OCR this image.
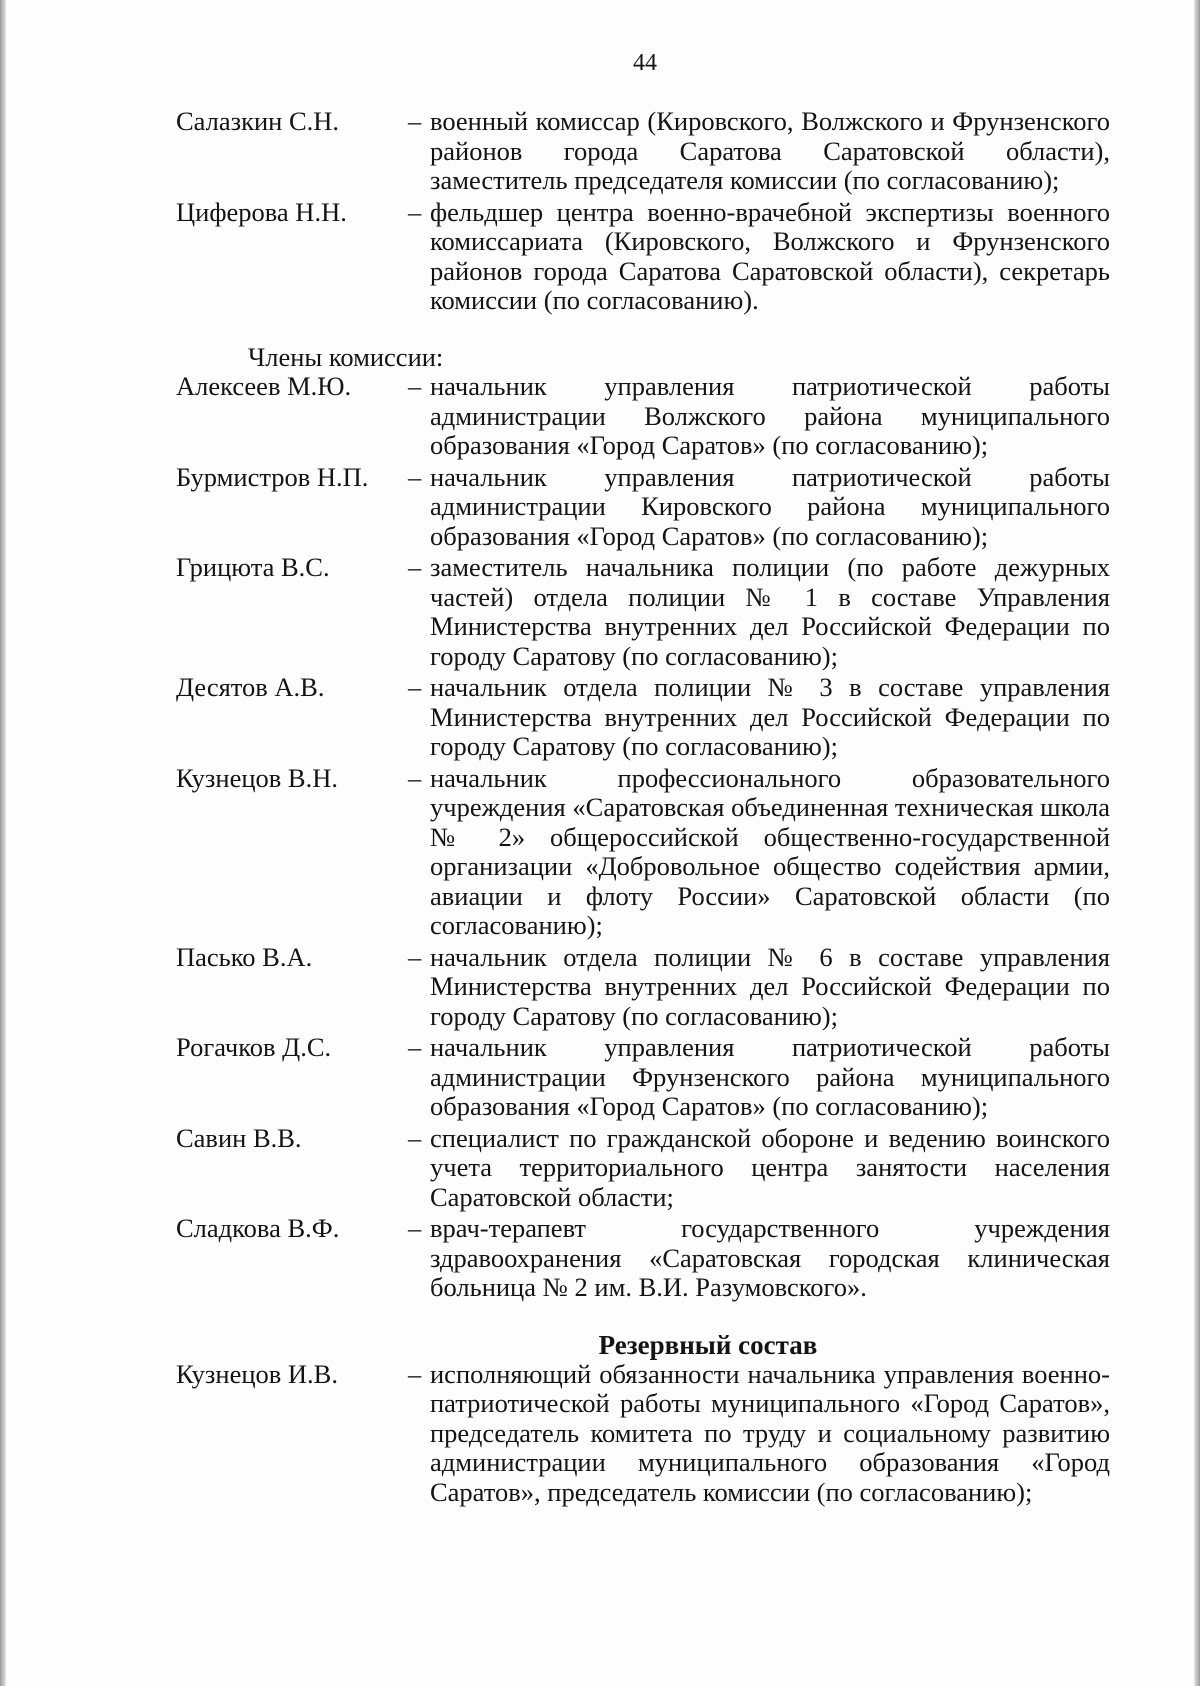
44
Салазкин С.Н.	– военный комиссар (Кировского, Волжского и Фрунзенского районов города Саратова Саратовской области), заместитель председателя комиссии (по согласованию);
Циферова Н.Н.	– фельдшер центра военно-врачебной экспертизы военного комиссариата (Кировского, Волжского и Фрунзенского районов города Саратова Саратовской области), секретарь комиссии (по согласованию).
Члены комиссии:
Алексеев М.Ю.	– начальник управления патриотической работы администрации Волжского района муниципального образования «Город Саратов» (по согласованию);
Бурмистров Н.П.	– начальник управления патриотической работы администрации Кировского района муниципального образования «Город Саратов» (по согласованию);
Грицюта В.С.	– заместитель начальника полиции (по работе дежурных частей) отдела полиции № 1 в составе Управления Министерства внутренних дел Российской Федерации по городу Саратову (по согласованию);
Десятов А.В.	– начальник отдела полиции № 3 в составе управления Министерства внутренних дел Российской Федерации по городу Саратову (по согласованию);
Кузнецов В.Н.	– начальник профессионального образовательного учреждения «Саратовская объединенная техническая школа № 2» общероссийской общественно-государственной организации «Добровольное общество содействия армии, авиации и флоту России» Саратовской области (по согласованию);
Пасько В.А.	– начальник отдела полиции № 6 в составе управления Министерства внутренних дел Российской Федерации по городу Саратову (по согласованию);
Рогачков Д.С.	– начальник управления патриотической работы администрации Фрунзенского района муниципального образования «Город Саратов» (по согласованию);
Савин В.В.	– специалист по гражданской обороне и ведению воинского учета территориального центра занятости населения Саратовской области;
Сладкова В.Ф.	– врач-терапевт государственного учреждения здравоохранения «Саратовская городская клиническая больница № 2 им. В.И. Разумовского».
Резервный состав
Кузнецов И.В.	– исполняющий обязанности начальника управления военно-патриотической работы муниципального «Город Саратов», председатель комитета по труду и социальному развитию администрации муниципального образования «Город Саратов», председатель комиссии (по согласованию);
